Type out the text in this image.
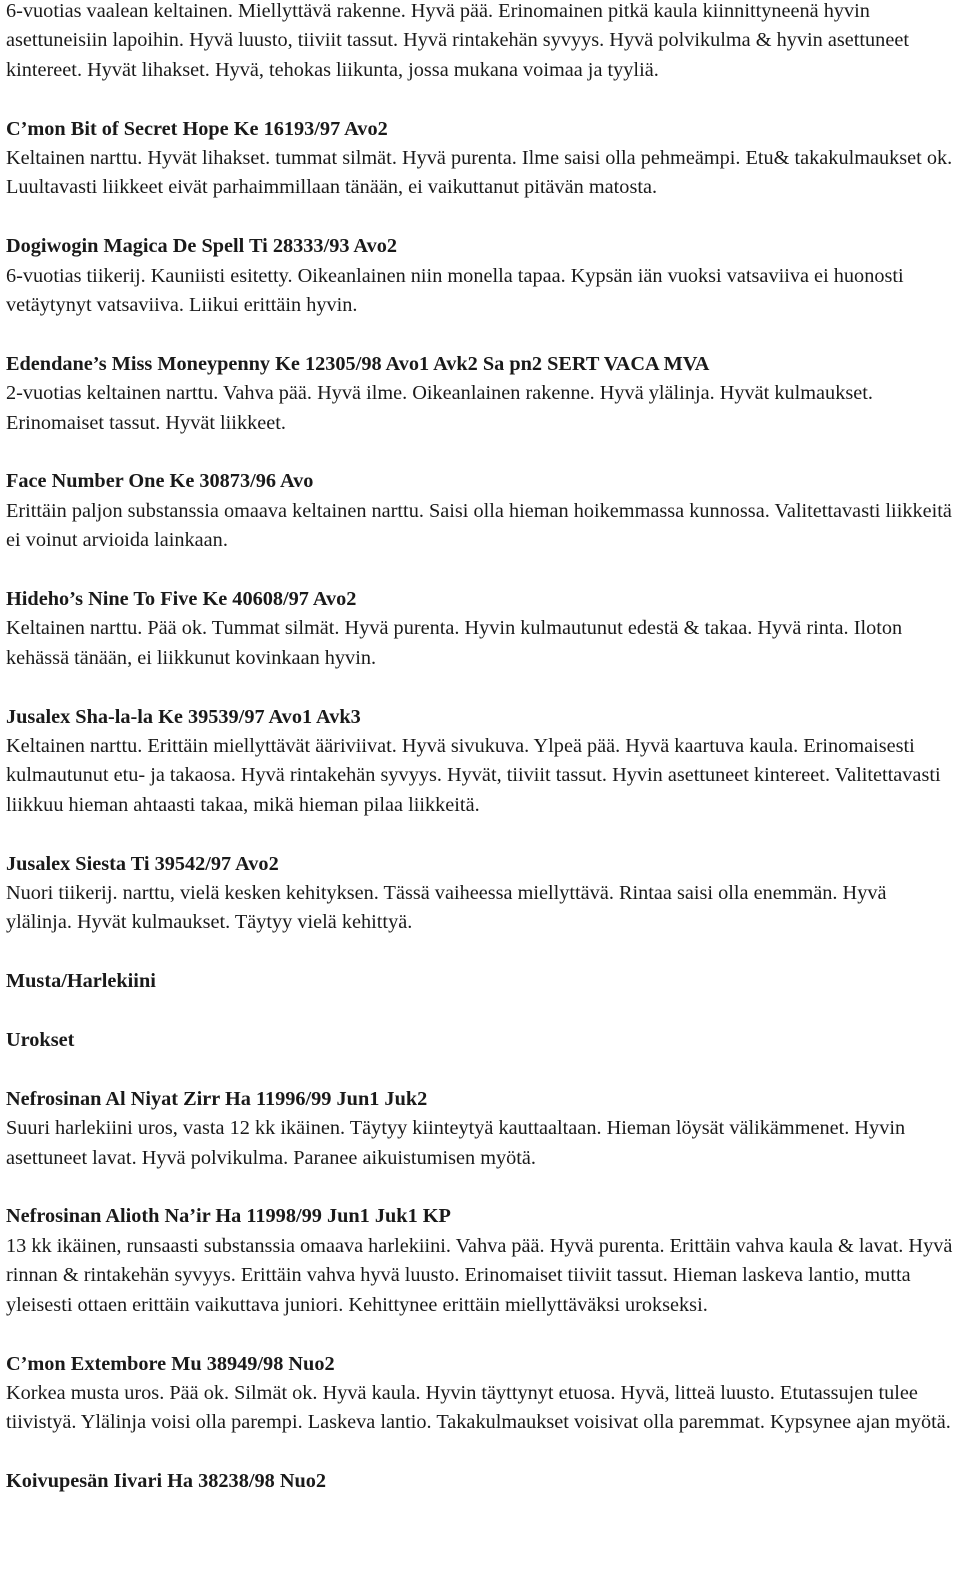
6-vuotias vaalean keltainen. Miellyttävä rakenne. Hyvä pää. Erinomainen pitkä kaula kiinnittyneenä hyvin asettuneisiin lapoihin. Hyvä luusto, tiiviit tassut. Hyvä rintakehän syvyys. Hyvä polvikulma & hyvin asettuneet kintereet. Hyvät lihakset. Hyvä, tehokas liikunta, jossa mukana voimaa ja tyyliä.
C’mon Bit of Secret Hope Ke 16193/97 Avo2
Keltainen narttu. Hyvät lihakset. tummat silmät. Hyvä purenta. Ilme saisi olla pehmeämpi. Etu& takakulmaukset ok. Luultavasti liikkeet eivät parhaimmillaan tänään, ei vaikuttanut pitävän matosta.
Dogiwogin Magica De Spell Ti 28333/93 Avo2
6-vuotias tiikerij. Kauniisti esitetty. Oikeanlainen niin monella tapaa. Kypsän iän vuoksi vatsaviiva ei huonosti vetäytynyt vatsaviiva. Liikui erittäin hyvin.
Edendane’s Miss Moneypenny Ke 12305/98 Avo1 Avk2 Sa pn2 SERT VACA MVA
2-vuotias keltainen narttu. Vahva pää. Hyvä ilme. Oikeanlainen rakenne. Hyvä ylälinja. Hyvät kulmaukset. Erinomaiset tassut. Hyvät liikkeet.
Face Number One Ke 30873/96 Avo
Erittäin paljon substanssia omaava keltainen narttu. Saisi olla hieman hoikemmassa kunnossa. Valitettavasti liikkeitä ei voinut arvioida lainkaan.
Hideho’s Nine To Five Ke 40608/97 Avo2
Keltainen narttu. Pää ok. Tummat silmät. Hyvä purenta. Hyvin kulmautunut edestä & takaa. Hyvä rinta. Iloton kehässä tänään, ei liikkunut kovinkaan hyvin.
Jusalex Sha-la-la Ke 39539/97 Avo1 Avk3
Keltainen narttu. Erittäin miellyttävät ääriviivat. Hyvä sivukuva. Ylpeä pää. Hyvä kaartuva kaula. Erinomaisesti kulmautunut etu- ja takaosa. Hyvä rintakehän syvyys. Hyvät, tiiviit tassut. Hyvin asettuneet kintereet. Valitettavasti liikkuu hieman ahtaasti takaa, mikä hieman pilaa liikkeitä.
Jusalex Siesta Ti 39542/97 Avo2
Nuori tiikerij. narttu, vielä kesken kehityksen. Tässä vaiheessa miellyttävä. Rintaa saisi olla enemmän. Hyvä ylälinja. Hyvät kulmaukset. Täytyy vielä kehittyä.
Musta/Harlekiini
Urokset
Nefrosinan Al Niyat Zirr Ha 11996/99 Jun1 Juk2
Suuri harlekiini uros, vasta 12 kk ikäinen. Täytyy kiinteytyä kauttaaltaan. Hieman löysät välikämmenet. Hyvin asettuneet lavat. Hyvä polvikulma. Paranee aikuistumisen myötä.
Nefrosinan Alioth Na’ir Ha 11998/99 Jun1 Juk1 KP
13 kk ikäinen, runsaasti substanssia omaava harlekiini. Vahva pää. Hyvä purenta. Erittäin vahva kaula & lavat. Hyvä rinnan & rintakehän syvyys. Erittäin vahva hyvä luusto. Erinomaiset tiiviit tassut. Hieman laskeva lantio, mutta yleisesti ottaen erittäin vaikuttava juniori. Kehittynee erittäin miellyttäväksi urokseksi.
C’mon Extembore Mu 38949/98 Nuo2
Korkea musta uros. Pää ok. Silmät ok. Hyvä kaula. Hyvin täyttynyt etuosa. Hyvä, litteä luusto. Etutassujen tulee tiivistyä. Ylälinja voisi olla parempi. Laskeva lantio. Takakulmaukset voisivat olla paremmat. Kypsynee ajan myötä.
Koivupesän Iivari Ha 38238/98 Nuo2
